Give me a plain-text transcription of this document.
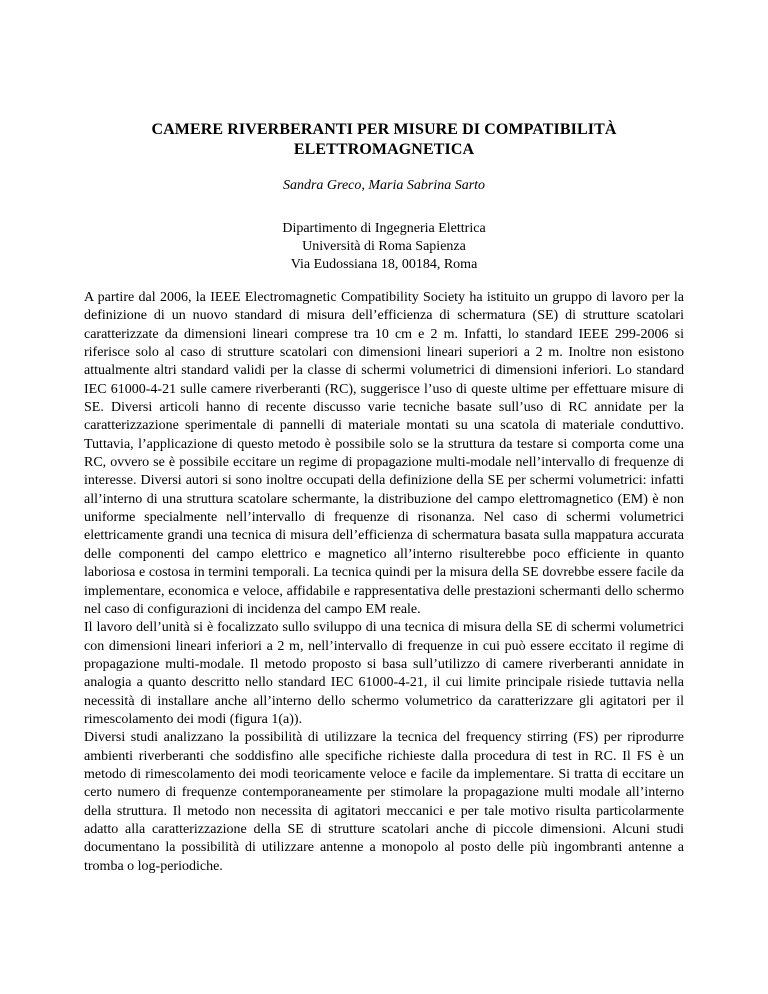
CAMERE RIVERBERANTI PER MISURE DI COMPATIBILITÀ ELETTROMAGNETICA
Sandra Greco, Maria Sabrina Sarto
Dipartimento di Ingegneria Elettrica
Università di Roma Sapienza
Via Eudossiana 18, 00184, Roma

A partire dal 2006, la IEEE Electromagnetic Compatibility Society ha istituito un gruppo di lavoro per la definizione di un nuovo standard di misura dell’efficienza di schermatura (SE) di strutture scatolari caratterizzate da dimensioni lineari comprese tra 10 cm e 2 m. Infatti, lo standard IEEE 299-2006 si riferisce solo al caso di strutture scatolari con dimensioni lineari superiori a 2 m. Inoltre non esistono attualmente altri standard validi per la classe di schermi volumetrici di dimensioni inferiori. Lo standard IEC 61000-4-21 sulle camere riverberanti (RC), suggerisce l’uso di queste ultime per effettuare misure di SE. Diversi articoli hanno di recente discusso varie tecniche basate sull’uso di RC annidate per la caratterizzazione sperimentale di pannelli di materiale montati su una scatola di materiale conduttivo. Tuttavia, l’applicazione di questo metodo è possibile solo se la struttura da testare si comporta come una RC, ovvero se è possibile eccitare un regime di propagazione multi-modale nell’intervallo di frequenze di interesse. Diversi autori si sono inoltre occupati della definizione della SE per schermi volumetrici: infatti all’interno di una struttura scatolare schermante, la distribuzione del campo elettromagnetico (EM) è non uniforme specialmente nell’intervallo di frequenze di risonanza. Nel caso di schermi volumetrici elettricamente grandi una tecnica di misura dell’efficienza di schermatura basata sulla mappatura accurata delle componenti del campo elettrico e magnetico all’interno risulterebbe poco efficiente in quanto laboriosa e costosa in termini temporali. La tecnica quindi per la misura della SE dovrebbe essere facile da implementare, economica e veloce, affidabile e rappresentativa delle prestazioni schermanti dello schermo nel caso di configurazioni di incidenza del campo EM reale.

Il lavoro dell’unità si è focalizzato sullo sviluppo di una tecnica di misura della SE di schermi volumetrici con dimensioni lineari inferiori a 2 m, nell’intervallo di frequenze in cui può essere eccitato il regime di propagazione multi-modale. Il metodo proposto si basa sull’utilizzo di camere riverberanti annidate in analogia a quanto descritto nello standard IEC 61000-4-21, il cui limite principale risiede tuttavia nella necessità di installare anche all’interno dello schermo volumetrico da caratterizzare gli agitatori per il rimescolamento dei modi (figura 1(a)).

Diversi studi analizzano la possibilità di utilizzare la tecnica del frequency stirring (FS) per riprodurre ambienti riverberanti che soddisfino alle specifiche richieste dalla procedura di test in RC. Il FS è un metodo di rimescolamento dei modi teoricamente veloce e facile da implementare. Si tratta di eccitare un certo numero di frequenze contemporaneamente per stimolare la propagazione multi modale all’interno della struttura. Il metodo non necessita di agitatori meccanici e per tale motivo risulta particolarmente adatto alla caratterizzazione della SE di strutture scatolari anche di piccole dimensioni. Alcuni studi documentano la possibilità di utilizzare antenne a monopolo al posto delle più ingombranti antenne a tromba o log-periodiche.
